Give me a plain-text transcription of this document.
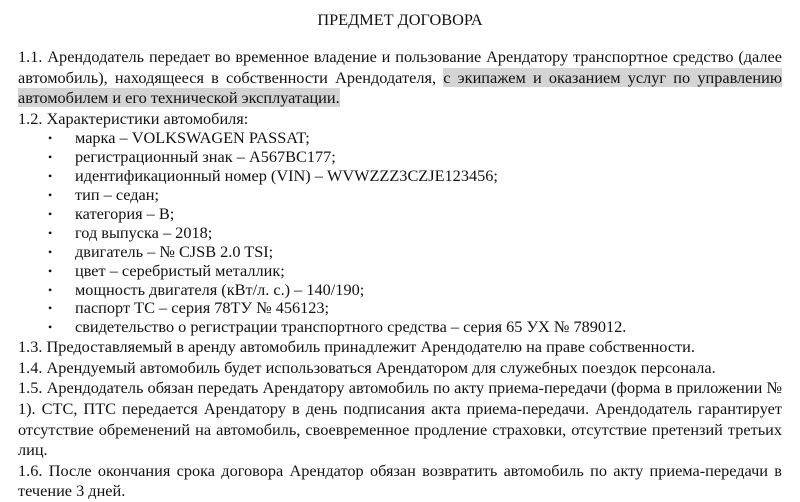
ПРЕДМЕТ ДОГОВОРА
1.1. Арендодатель передает во временное владение и пользование Арендатору транспортное средство (далее
автомобиль), находящееся в собственности Арендодателя, с экипажем и оказанием услуг по управлению
автомобилем и его технической эксплуатации.
1.2. Характеристики автомобиля:
• марка – VOLKSWAGEN PASSAT;
• регистрационный знак – А567ВС177;
• идентификационный номер (VIN) – WVWZZZ3CZJE123456;
• тип – седан;
• категория – В;
• год выпуска – 2018;
• двигатель – № CJSB 2.0 TSI;
• цвет – серебристый металлик;
• мощность двигателя (кВт/л. с.) – 140/190;
• паспорт ТС – серия 78ТУ № 456123;
• свидетельство о регистрации транспортного средства – серия 65 УХ № 789012.
1.3. Предоставляемый в аренду автомобиль принадлежит Арендодателю на праве собственности.
1.4. Арендуемый автомобиль будет использоваться Арендатором для служебных поездок персонала.
1.5. Арендодатель обязан передать Арендатору автомобиль по акту приема-передачи (форма в приложении №
1). СТС, ПТС передается Арендатору в день подписания акта приема-передачи. Арендодатель гарантирует
отсутствие обременений на автомобиль, своевременное продление страховки, отсутствие претензий третьих
лиц.
1.6. После окончания срока договора Арендатор обязан возвратить автомобиль по акту приема-передачи в
течение 3 дней.
